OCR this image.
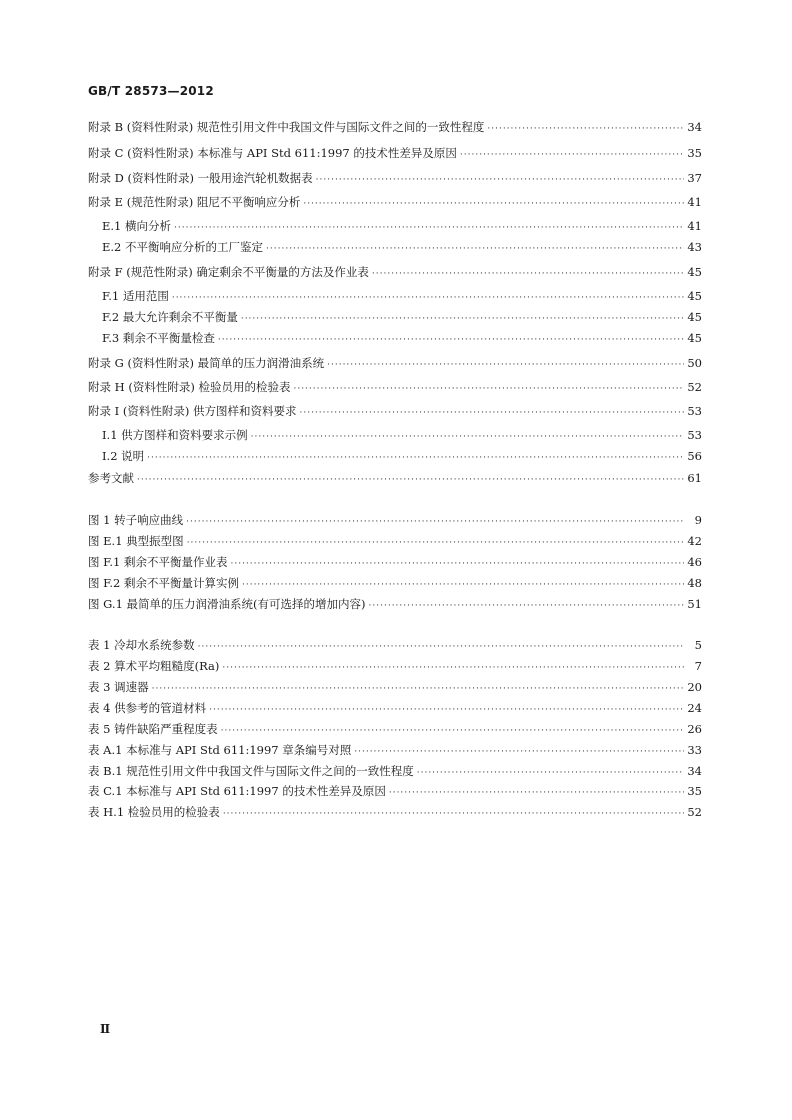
GB/T 28573—2012
附录 B (资料性附录) 规范性引用文件中我国文件与国际文件之间的一致性程度 ·····	34
附录 C (资料性附录) 本标准与 API Std 611:1997 的技术性差异及原因 ·····	35
附录 D (资料性附录) 一般用途汽轮机数据表 ·····	37
附录 E (规范性附录) 阻尼不平衡响应分析 ·····	41
E.1 横向分析 ·····	41
E.2 不平衡响应分析的工厂鉴定 ·····	43
附录 F (规范性附录) 确定剩余不平衡量的方法及作业表 ·····	45
F.1 适用范围 ·····	45
F.2 最大允许剩余不平衡量 ·····	45
F.3 剩余不平衡量检查 ·····	45
附录 G (资料性附录) 最简单的压力润滑油系统 ·····	50
附录 H (资料性附录) 检验员用的检验表 ·····	52
附录 I (资料性附录) 供方图样和资料要求 ·····	53
I.1 供方图样和资料要求示例 ·····	53
I.2 说明 ·····	56
参考文献 ·····	61
图 1 转子响应曲线 ·····	9
图 E.1 典型振型图 ·····	42
图 F.1 剩余不平衡量作业表 ·····	46
图 F.2 剩余不平衡量计算实例 ·····	48
图 G.1 最简单的压力润滑油系统(有可选择的增加内容) ·····	51
表 1 冷却水系统参数 ·····	5
表 2 算术平均粗糙度(Ra) ·····	7
表 3 调速器 ·····	20
表 4 供参考的管道材料 ·····	24
表 5 铸件缺陷严重程度表 ·····	26
表 A.1 本标准与 API Std 611:1997 章条编号对照 ·····	33
表 B.1 规范性引用文件中我国文件与国际文件之间的一致性程度 ·····	34
表 C.1 本标准与 API Std 611:1997 的技术性差异及原因 ·····	35
表 H.1 检验员用的检验表 ·····	52
Ⅱ
